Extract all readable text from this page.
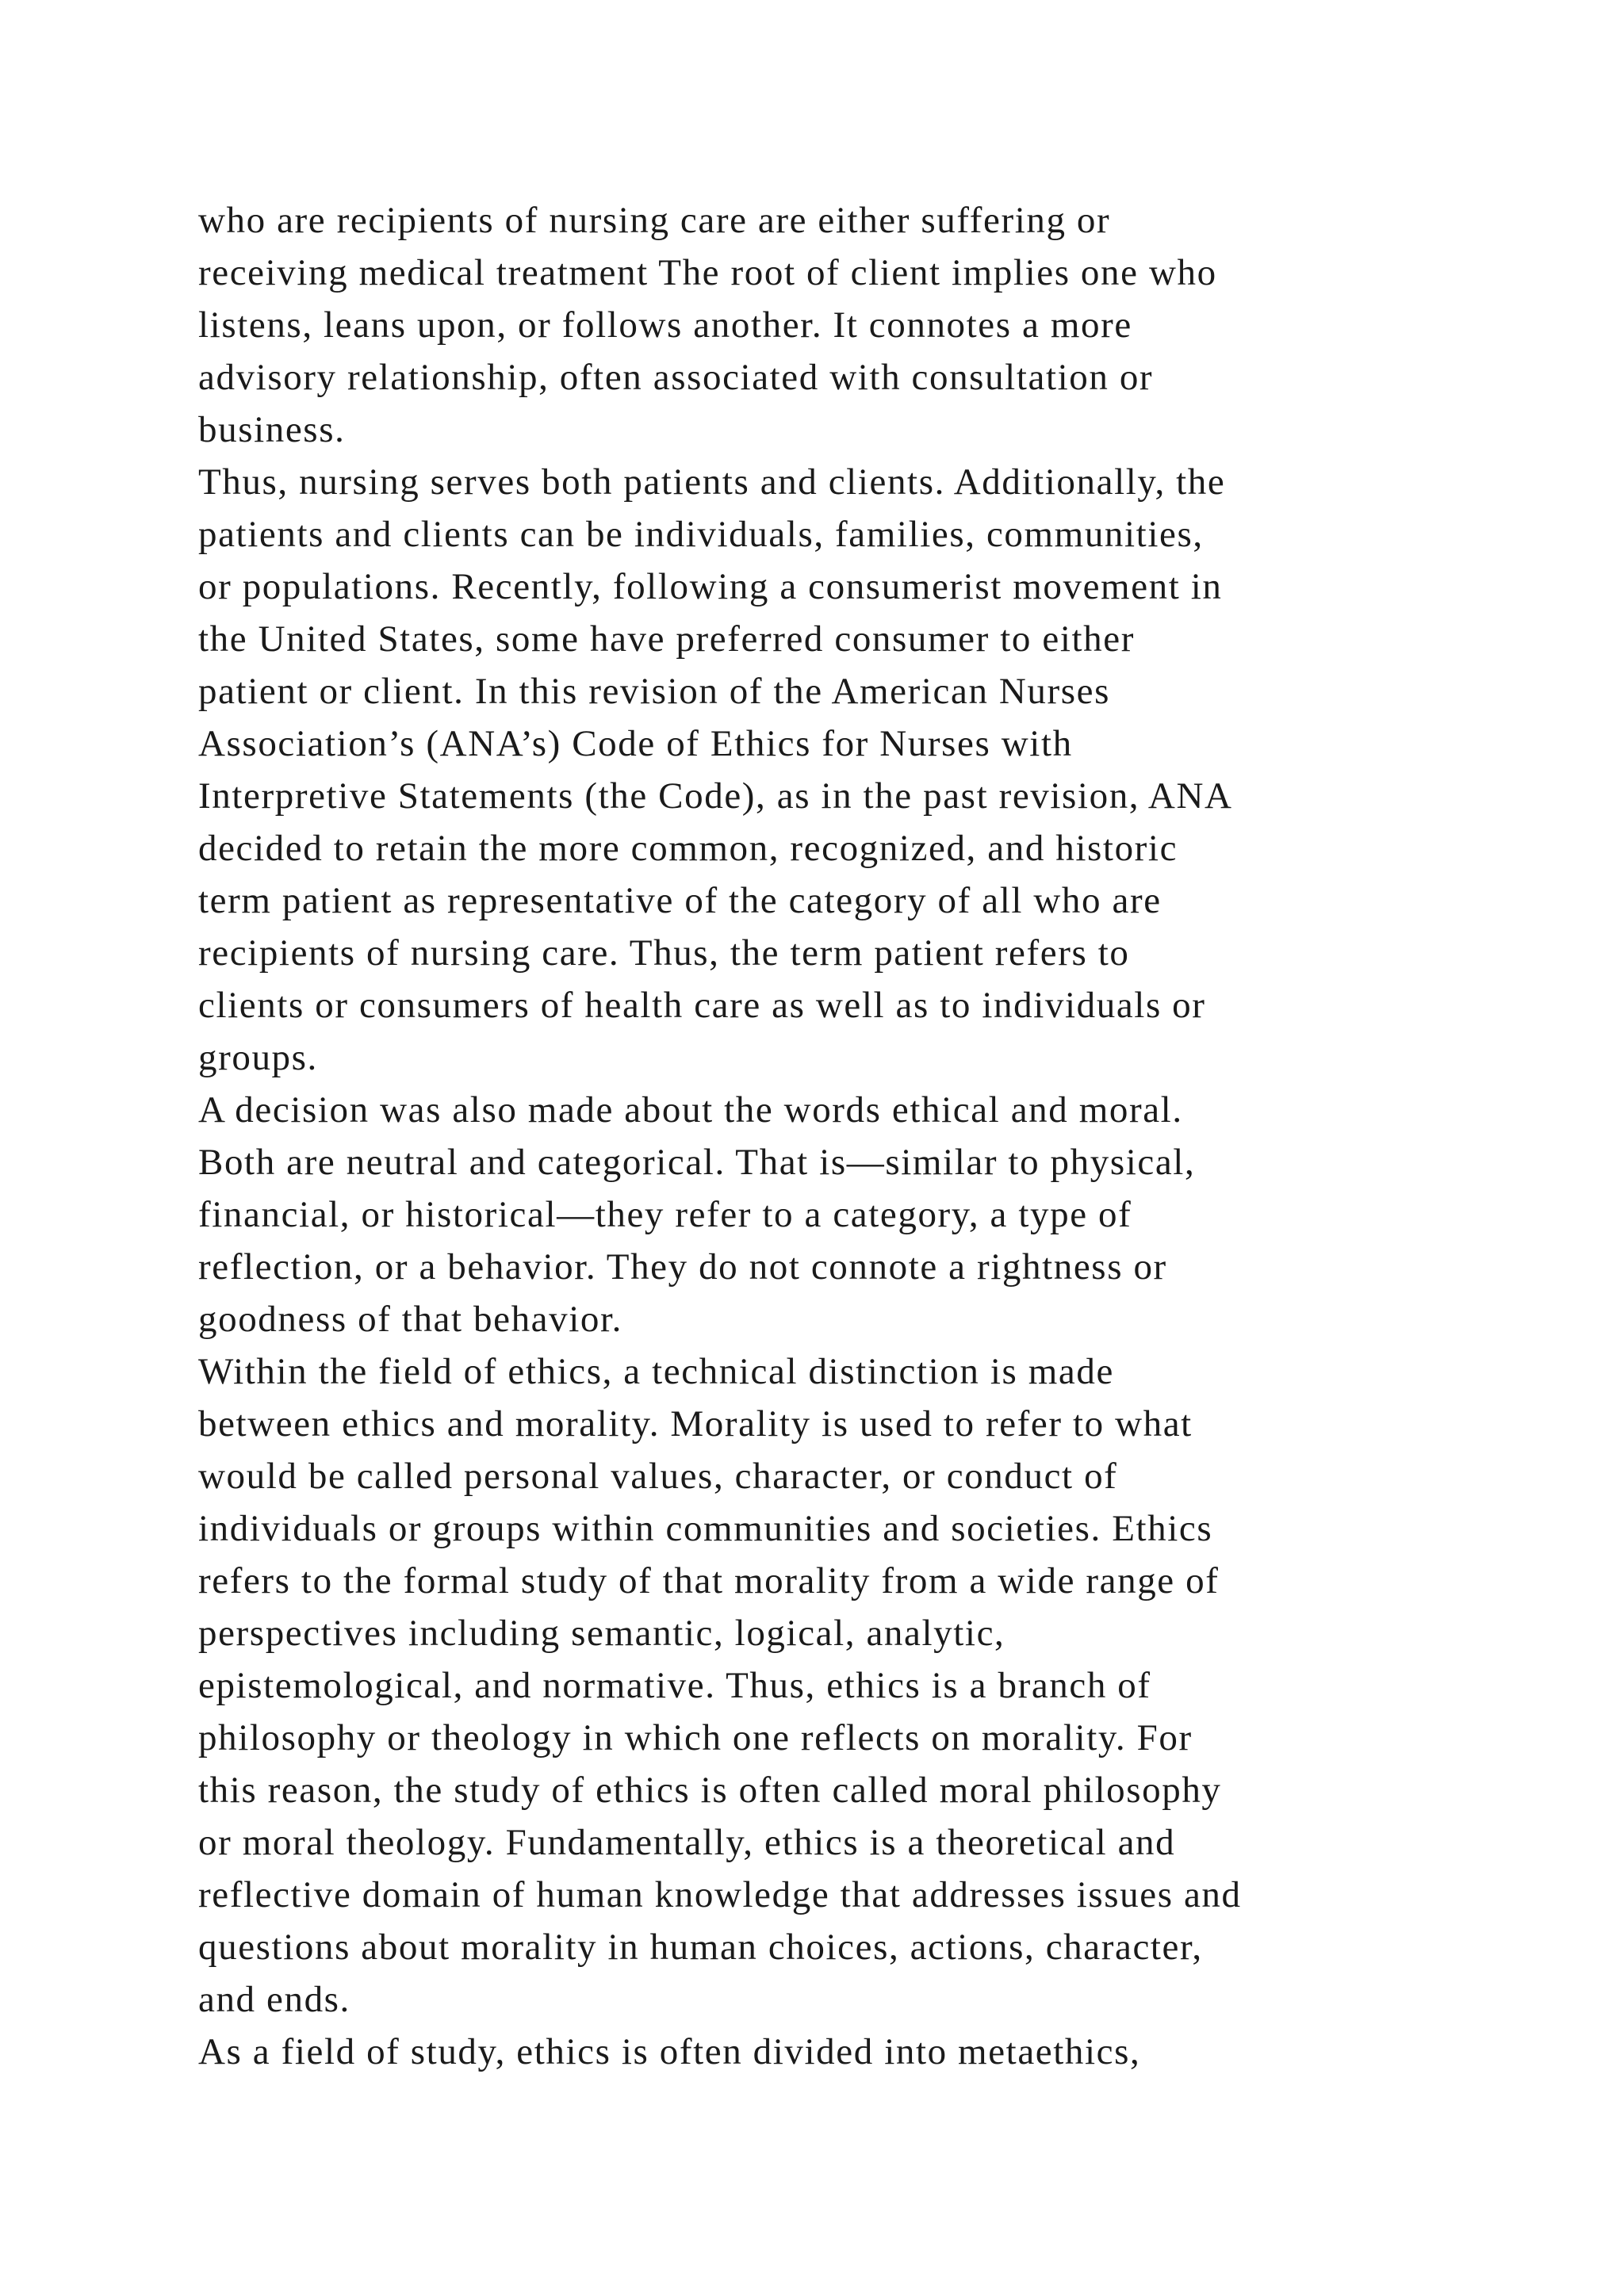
who are recipients of nursing care are either suffering or
receiving medical treatment The root of client implies one who
listens, leans upon, or follows another. It connotes a more
advisory relationship, often associated with consultation or
business.
Thus, nursing serves both patients and clients. Additionally, the
patients and clients can be individuals, families, communities,
or populations. Recently, following a consumerist movement in
the United States, some have preferred consumer to either
patient or client. In this revision of the American Nurses
Association’s (ANA’s) Code of Ethics for Nurses with
Interpretive Statements (the Code), as in the past revision, ANA
decided to retain the more common, recognized, and historic
term patient as representative of the category of all who are
recipients of nursing care. Thus, the term patient refers to
clients or consumers of health care as well as to individuals or
groups.
A decision was also made about the words ethical and moral.
Both are neutral and categorical. That is—similar to physical,
financial, or historical—they refer to a category, a type of
reflection, or a behavior. They do not connote a rightness or
goodness of that behavior.
Within the field of ethics, a technical distinction is made
between ethics and morality. Morality is used to refer to what
would be called personal values, character, or conduct of
individuals or groups within communities and societies. Ethics
refers to the formal study of that morality from a wide range of
perspectives including semantic, logical, analytic,
epistemological, and normative. Thus, ethics is a branch of
philosophy or theology in which one reflects on morality. For
this reason, the study of ethics is often called moral philosophy
or moral theology. Fundamentally, ethics is a theoretical and
reflective domain of human knowledge that addresses issues and
questions about morality in human choices, actions, character,
and ends.
As a field of study, ethics is often divided into metaethics,
